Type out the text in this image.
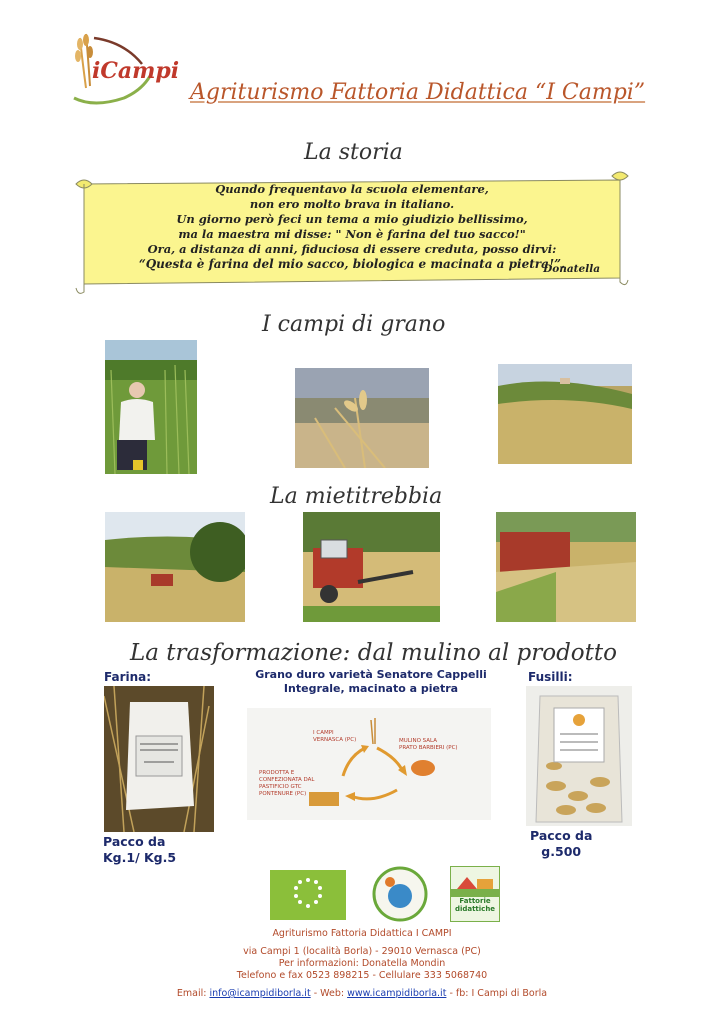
iCampi
Agriturismo Fattoria Didattica “I Campi”
La storia
Quando frequentavo la scuola elementare,
non ero molto brava in italiano.
Un giorno però feci un tema a mio giudizio bellissimo,
ma la maestra mi disse: " Non è farina del tuo sacco!"
Ora, a distanza di anni, fiduciosa di essere creduta, posso dirvi:
“Questa è farina del mio sacco, biologica e macinata a pietra!”.
Donatella
I campi di grano
La mietitrebbia
La trasformazione: dal mulino al prodotto
Farina:
Pacco da
Kg.1/ Kg.5
Grano duro varietà Senatore Cappelli
Integrale, macinato a pietra
I CAMPI
VERNASCA (PC)	MULINO SALA
PRATO BARBIERI (PC)
PRODOTTA E
CONFEZIONATA DAL
PASTIFICIO GTC
PONTENURE (PC)
Fusilli:
Pacco da
g.500
Fattorie
didattiche
Agriturismo Fattoria Didattica I CAMPI
via Campi 1 (località Borla) - 29010 Vernasca (PC)
Per informazioni: Donatella Mondin
Telefono e fax 0523 898215 - Cellulare 333 5068740
Email: info@icampidiborla.it - Web: www.icampidiborla.it - fb: I Campi di Borla
